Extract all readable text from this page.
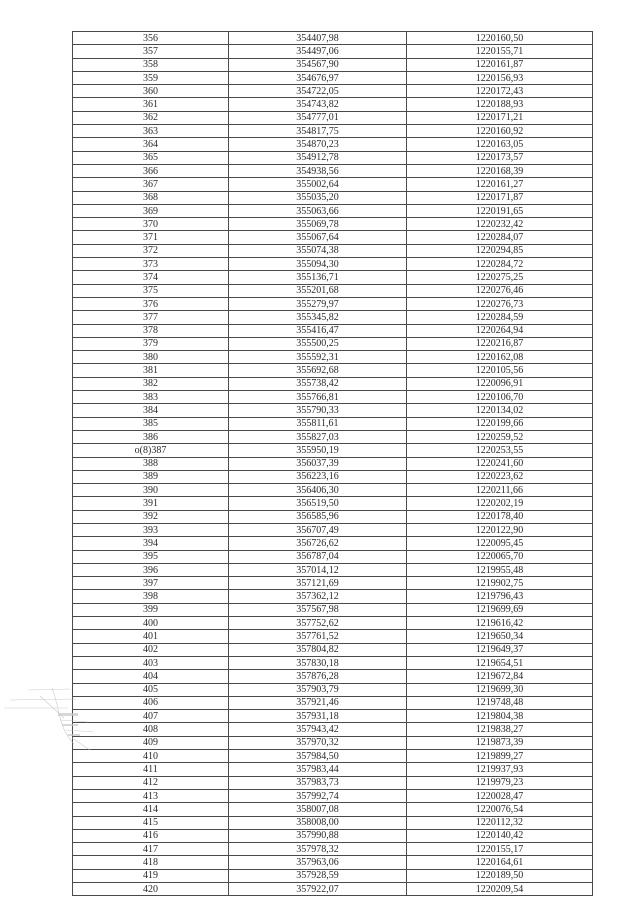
356	354407,98	1220160,50
357	354497,06	1220155,71
358	354567,90	1220161,87
359	354676,97	1220156,93
360	354722,05	1220172,43
361	354743,82	1220188,93
362	354777,01	1220171,21
363	354817,75	1220160,92
364	354870,23	1220163,05
365	354912,78	1220173,57
366	354938,56	1220168,39
367	355002,64	1220161,27
368	355035,20	1220171,87
369	355063,66	1220191,65
370	355069,78	1220232,42
371	355067,64	1220284,07
372	355074,38	1220294,85
373	355094,30	1220284,72
374	355136,71	1220275,25
375	355201,68	1220276,46
376	355279,97	1220276,73
377	355345,82	1220284,59
378	355416,47	1220264,94
379	355500,25	1220216,87
380	355592,31	1220162,08
381	355692,68	1220105,56
382	355738,42	1220096,91
383	355766,81	1220106,70
384	355790,33	1220134,02
385	355811,61	1220199,66
386	355827,03	1220259,52
o(8)387	355950,19	1220253,55
388	356037,39	1220241,60
389	356223,16	1220223,62
390	356406,30	1220211,66
391	356519,50	1220202,19
392	356585,96	1220178,40
393	356707,49	1220122,90
394	356726,62	1220095,45
395	356787,04	1220065,70
396	357014,12	1219955,48
397	357121,69	1219902,75
398	357362,12	1219796,43
399	357567,98	1219699,69
400	357752,62	1219616,42
401	357761,52	1219650,34
402	357804,82	1219649,37
403	357830,18	1219654,51
404	357876,28	1219672,84
405	357903,79	1219699,30
406	357921,46	1219748,48
407	357931,18	1219804,38
408	357943,42	1219838,27
409	357970,32	1219873,39
410	357984,50	1219899,27
411	357983,44	1219937,93
412	357983,73	1219979,23
413	357992,74	1220028,47
414	358007,08	1220076,54
415	358008,00	1220112,32
416	357990,88	1220140,42
417	357978,32	1220155,17
418	357963,06	1220164,61
419	357928,59	1220189,50
420	357922,07	1220209,54
